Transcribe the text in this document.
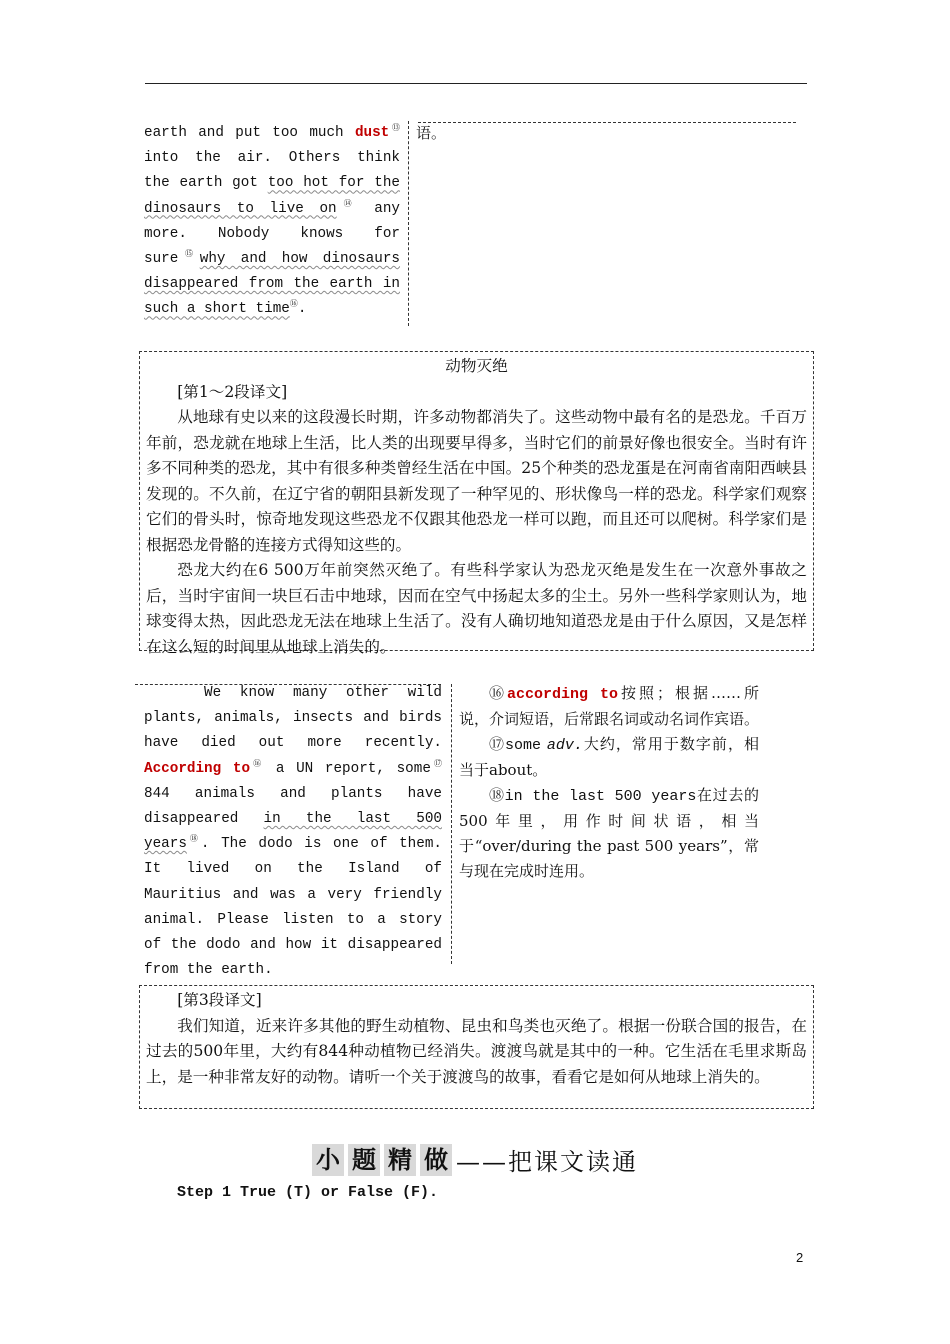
earth and put too much dust⑬ into the air. Others think the earth got too hot for the dinosaurs to live on⑭ any more. Nobody knows for sure⑮why and how dinosaurs disappeared from the earth in such a short time⑯.
语。
动物灭绝
[第1～2段译文]

从地球有史以来的这段漫长时期，许多动物都消失了。这些动物中最有名的是恐龙。千百万年前，恐龙就在地球上生活，比人类的出现要早得多，当时它们的前景好像也很安全。当时有许多不同种类的恐龙，其中有很多种类曾经生活在中国。25个种类的恐龙蛋是在河南省南阳西峡县发现的。不久前，在辽宁省的朝阳县新发现了一种罕见的、形状像鸟一样的恐龙。科学家们观察它们的骨头时，惊奇地发现这些恐龙不仅跟其他恐龙一样可以跑，而且还可以爬树。科学家们是根据恐龙骨骼的连接方式得知这些的。

恐龙大约在6 500万年前突然灭绝了。有些科学家认为恐龙灭绝是发生在一次意外事故之后，当时宇宙间一块巨石击中地球，因而在空气中扬起太多的尘土。另外一些科学家则认为，地球变得太热，因此恐龙无法在地球上生活了。没有人确切地知道恐龙是由于什么原因，又是怎样在这么短的时间里从地球上消失的。

We know many other wild plants, animals, insects and birds have died out more recently. According to⑯ a UN report, some⑰ 844 animals and plants have disappeared in the last 500 years⑱. The dodo is one of them. It lived on the Island of Mauritius and was a very friendly animal. Please listen to a story of the dodo and how it disappeared from the earth.
⑯according to按照；根据……所说，介词短语，后常跟名词或动名词作宾语。
⑰some adv.大约，常用于数字前，相当于about。
⑱in the last 500 years在过去的500年里，用作时间状语，相当于“over/during the past 500 years”，常与现在完成时连用。
[第3段译文]

我们知道，近来许多其他的野生动植物、昆虫和鸟类也灭绝了。根据一份联合国的报告，在过去的500年里，大约有844种动植物已经消失。渡渡鸟就是其中的一种。它生活在毛里求斯岛上，是一种非常友好的动物。请听一个关于渡渡鸟的故事，看看它是如何从地球上消失的。

小 题 精 做 ——把课文读通
Step 1 True (T) or False (F).
2
